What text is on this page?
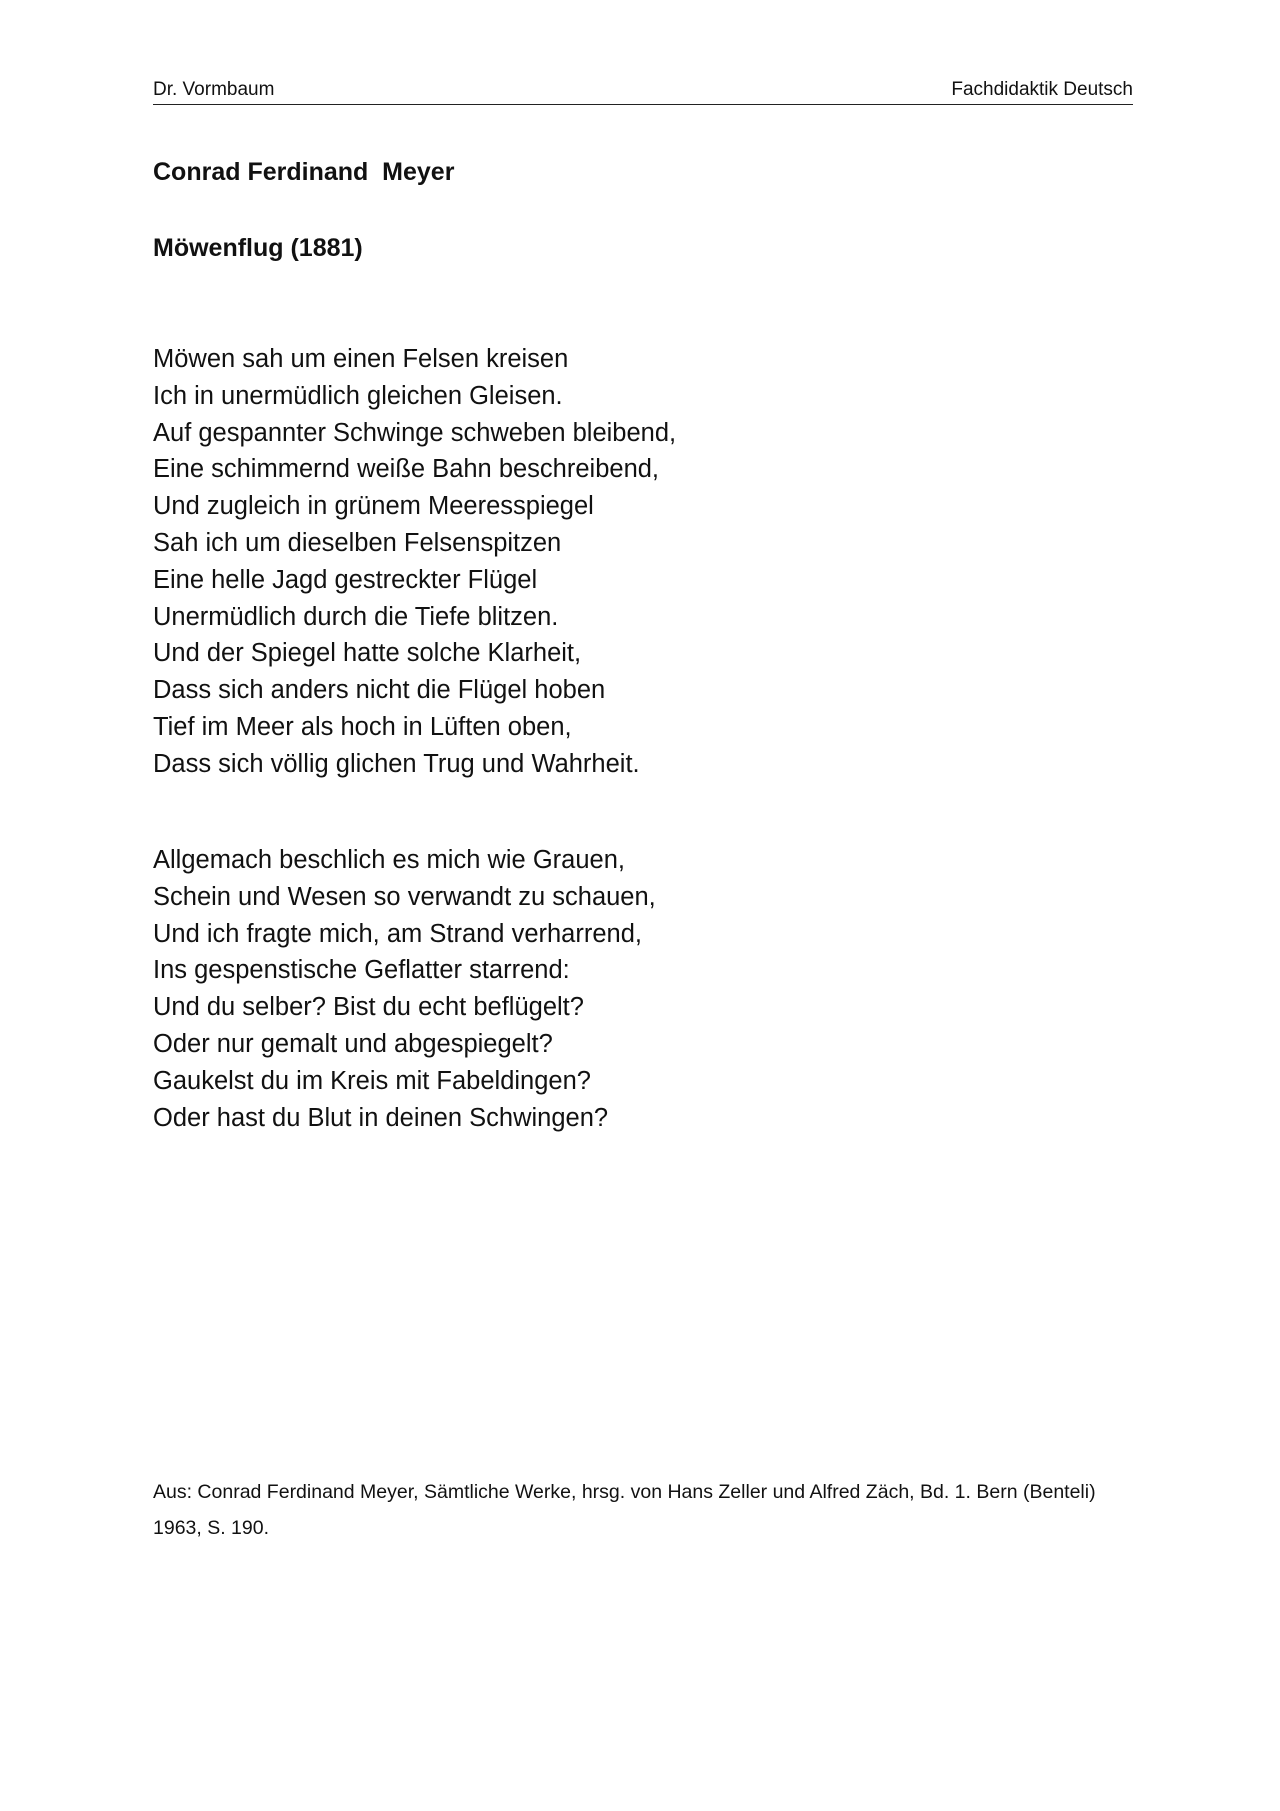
Dr. Vormbaum	Fachdidaktik Deutsch
Conrad Ferdinand  Meyer
Möwenflug (1881)
Möwen sah um einen Felsen kreisen
Ich in unermüdlich gleichen Gleisen.
Auf gespannter Schwinge schweben bleibend,
Eine schimmernd weiße Bahn beschreibend,
Und zugleich in grünem Meeresspiegel
Sah ich um dieselben Felsenspitzen
Eine helle Jagd gestreckter Flügel
Unermüdlich durch die Tiefe blitzen.
Und der Spiegel hatte solche Klarheit,
Dass sich anders nicht die Flügel hoben
Tief im Meer als hoch in Lüften oben,
Dass sich völlig glichen Trug und Wahrheit.
Allgemach beschlich es mich wie Grauen,
Schein und Wesen so verwandt zu schauen,
Und ich fragte mich, am Strand verharrend,
Ins gespenstische Geflatter starrend:
Und du selber? Bist du echt beflügelt?
Oder nur gemalt und abgespiegelt?
Gaukelst du im Kreis mit Fabeldingen?
Oder hast du Blut in deinen Schwingen?
Aus: Conrad Ferdinand Meyer, Sämtliche Werke, hrsg. von Hans Zeller und Alfred Zäch, Bd. 1. Bern (Benteli) 1963, S. 190.
